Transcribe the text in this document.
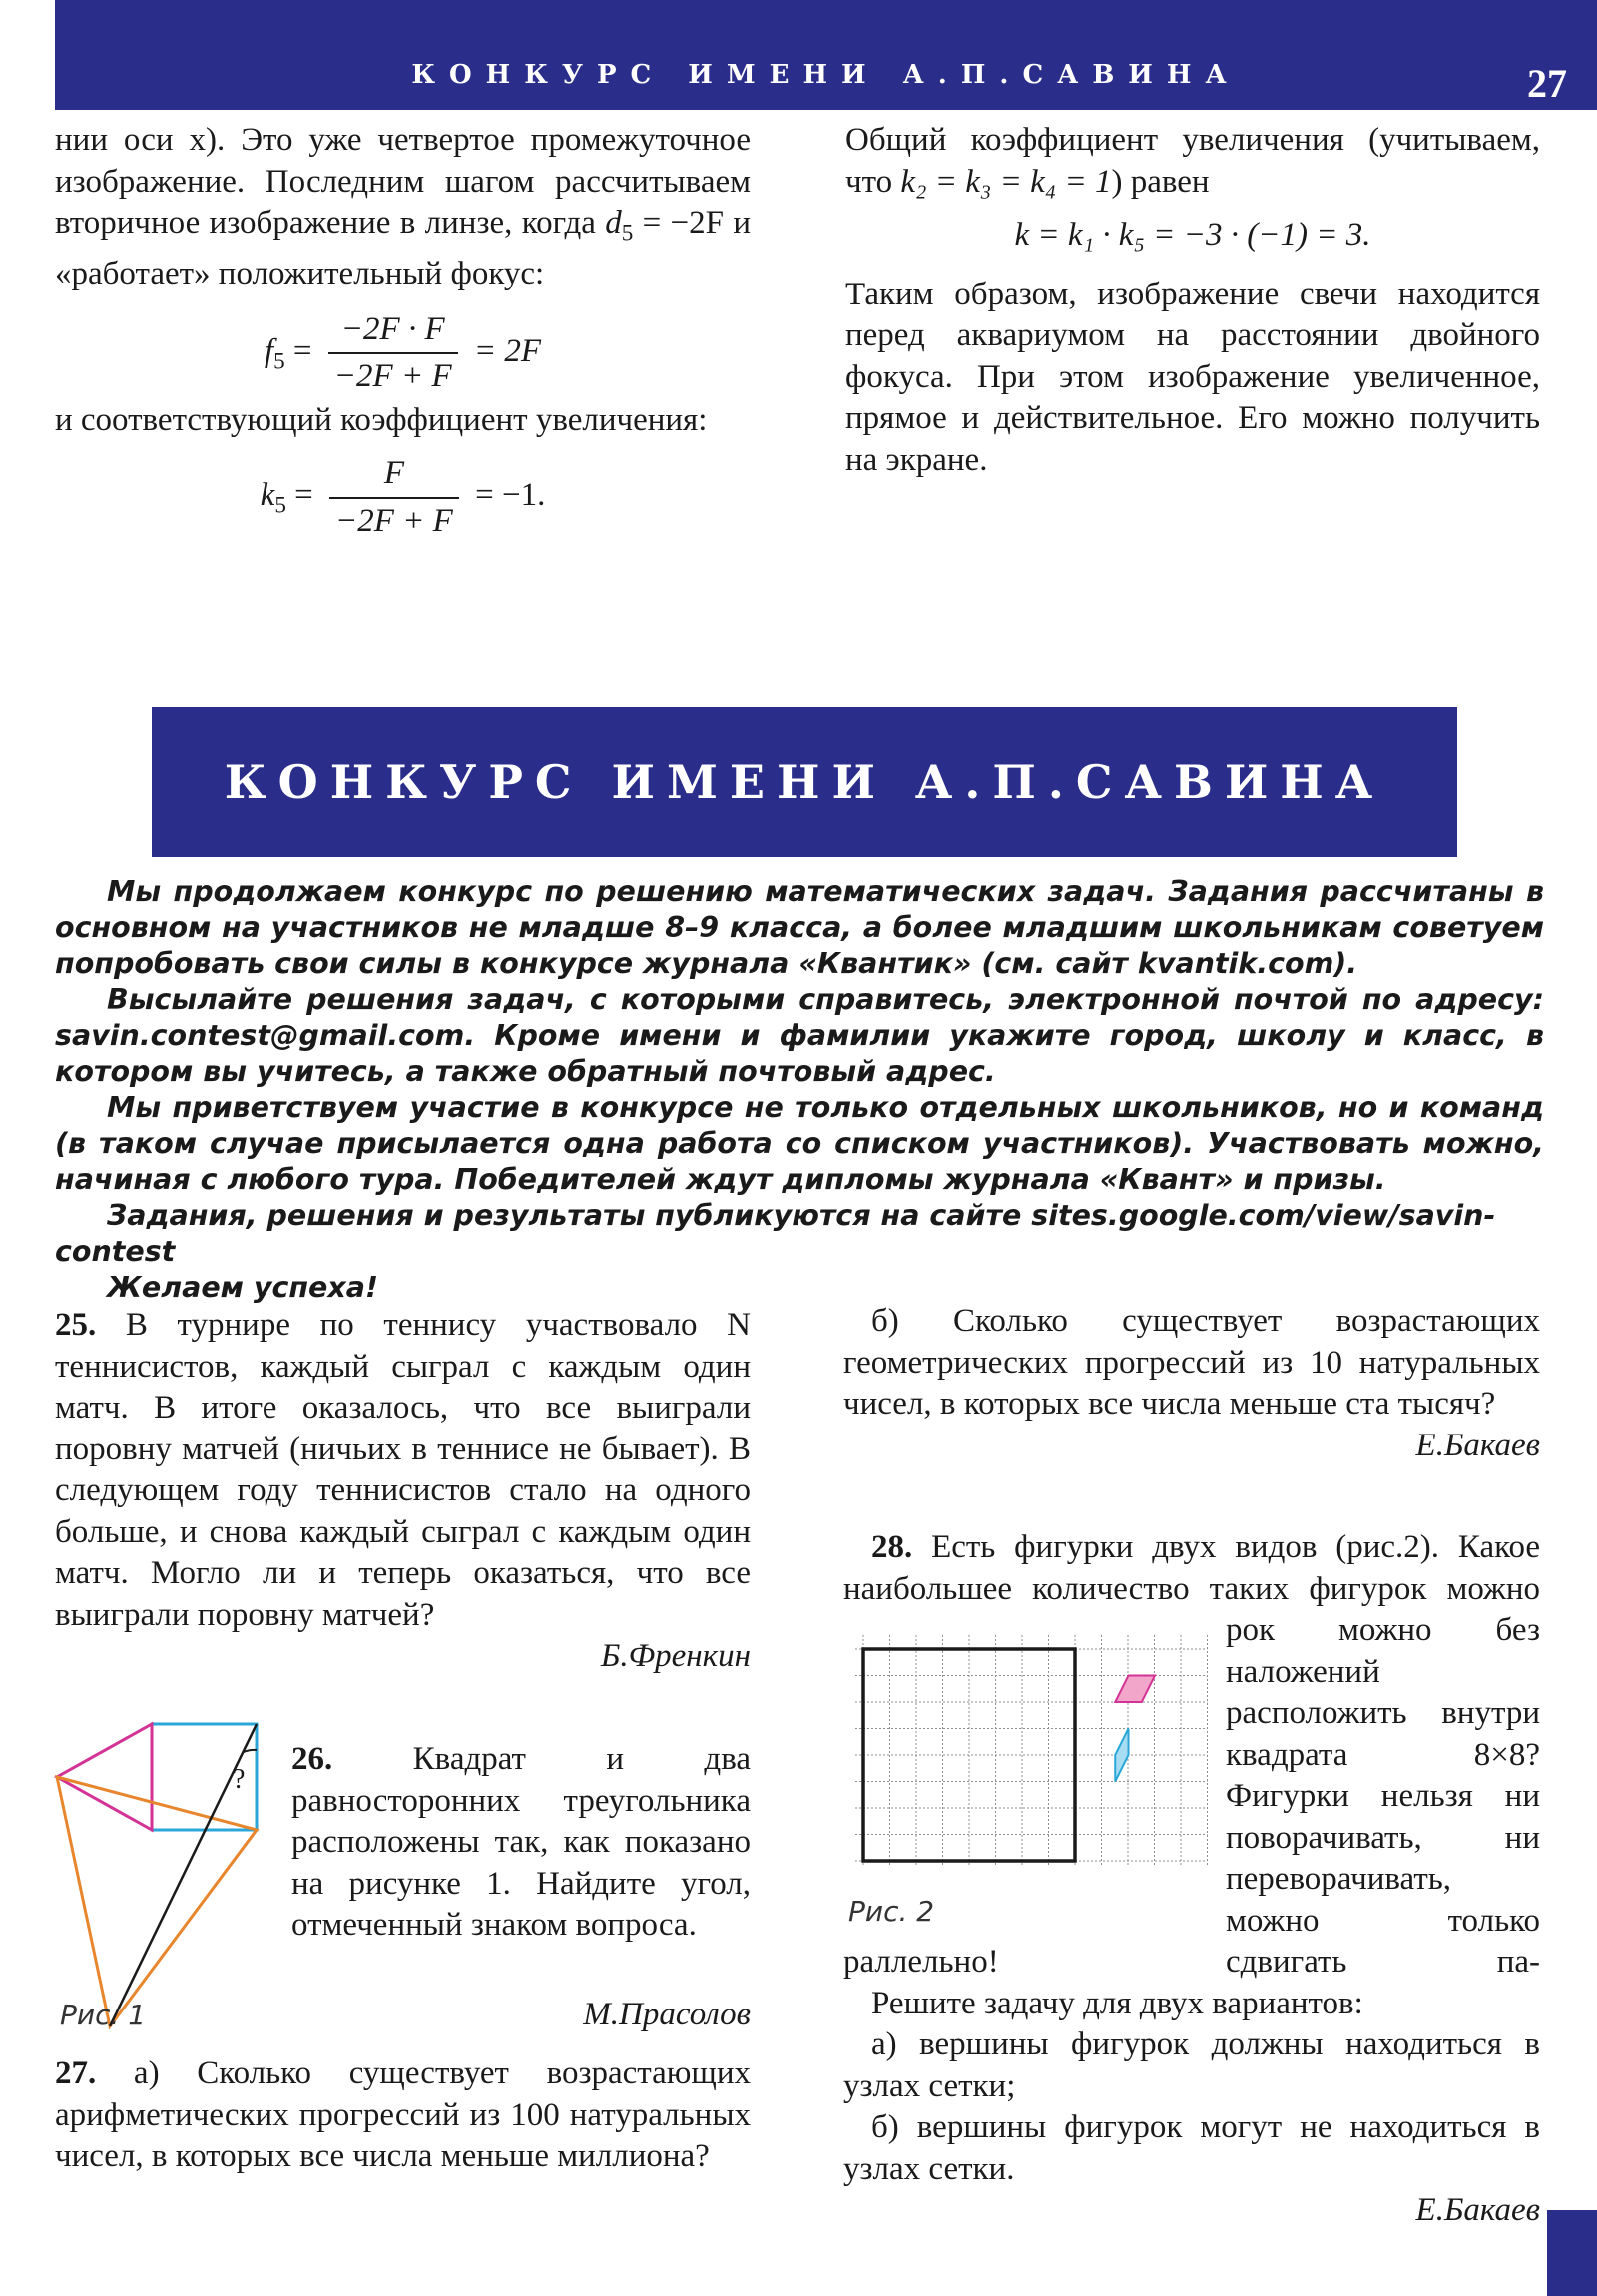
КОНКУРС ИМЕНИ А.П.САВИНА	27

нии оси x). Это уже четвертое промежуточное изображение. Последним шагом рассчитываем вторичное изображение в линзе, когда $d_5 = -2F$ и «работает» положительный фокус:

$f_5 = \frac{-2F \cdot F}{-2F + F} = 2F$

и соответствующий коэффициент увеличения:

$k_5 = \frac{F}{-2F + F} = -1$.

Общий коэффициент увеличения (учитываем, что k₂ = k₃ = k₄ = 1) равен

k = k₁ · k₅ = −3 · (−1) = 3.

Таким образом, изображение свечи находится перед аквариумом на расстоянии двойного фокуса. При этом изображение увеличенное, прямое и действительное. Его можно получить на экране.

КОНКУРС ИМЕНИ А.П.САВИНА

Мы продолжаем конкурс по решению математических задач. Задания рассчитаны в основном на участников не младше 8–9 класса, а более младшим школьникам советуем попробовать свои силы в конкурсе журнала «Квантик» (см. сайт kvantik.com).

Высылайте решения задач, с которыми справитесь, электронной почтой по адресу: savin.contest@gmail.com. Кроме имени и фамилии укажите город, школу и класс, в котором вы учитесь, а также обратный почтовый адрес.

Мы приветствуем участие в конкурсе не только отдельных школьников, но и команд (в таком случае присылается одна работа со списком участников). Участвовать можно, начиная с любого тура. Победителей ждут дипломы журнала «Квант» и призы.

Задания, решения и результаты публикуются на сайте sites.google.com/view/savin-contest

Желаем успеха!

25. В турнире по теннису участвовало N теннисистов, каждый сыграл с каждым один матч. В итоге оказалось, что все выиграли поровну матчей (ничьих в теннисе не бывает). В следующем году теннисистов стало на одного больше, и снова каждый сыграл с каждым один матч. Могло ли и теперь оказаться, что все выиграли поровну матчей?

Б.Френкин
?

26. Квадрат и два равносторонних треугольника расположены так, как показано на рисунке 1. Найдите угол, отмеченный знаком вопроса.

Рис. 1	М.Прасолов

27. а) Сколько существует возрастающих арифметических прогрессий из 100 натуральных чисел, в которых все числа меньше миллиона?

б) Сколько существует возрастающих геометрических прогрессий из 10 натуральных чисел, в которых все числа меньше ста тысяч?

Е.Бакаев

28. Есть фигурки двух видов (рис.2). Какое наибольшее количество таких фигурок можно

Рис. 2

рок можно без наложений расположить внутри квадрата 8×8? Фигурки нельзя ни поворачивать, ни переворачивать, можно только сдвигать па-

раллельно!

Решите задачу для двух вариантов:

а) вершины фигурок должны находиться в узлах сетки;

б) вершины фигурок могут не находиться в узлах сетки.

Е.Бакаев
